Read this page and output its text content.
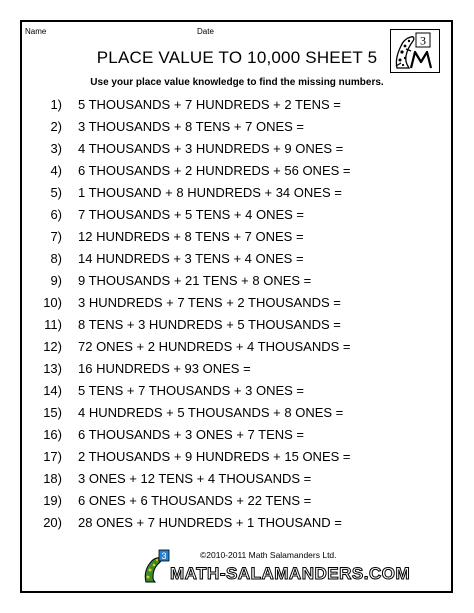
Name	Date
3
PLACE VALUE TO 10,000 SHEET 5
Use your place value knowledge to find the missing numbers.
1) 5 THOUSANDS + 7 HUNDREDS + 2 TENS =
2) 3 THOUSANDS + 8 TENS + 7 ONES =
3) 4 THOUSANDS + 3 HUNDREDS + 9 ONES =
4) 6 THOUSANDS + 2 HUNDREDS + 56 ONES =
5) 1 THOUSAND + 8 HUNDREDS + 34 ONES =
6) 7 THOUSANDS + 5 TENS + 4 ONES =
7) 12 HUNDREDS + 8 TENS + 7 ONES =
8) 14 HUNDREDS + 3 TENS + 4 ONES =
9) 9 THOUSANDS + 21 TENS + 8 ONES =
10) 3 HUNDREDS + 7 TENS + 2 THOUSANDS =
11) 8 TENS + 3 HUNDREDS + 5 THOUSANDS =
12) 72 ONES + 2 HUNDREDS + 4 THOUSANDS =
13) 16 HUNDREDS + 93 ONES =
14) 5 TENS + 7 THOUSANDS + 3 ONES =
15) 4 HUNDREDS + 5 THOUSANDS + 8 ONES =
16) 6 THOUSANDS + 3 ONES + 7 TENS =
17) 2 THOUSANDS + 9 HUNDREDS + 15 ONES =
18) 3 ONES + 12 TENS + 4 THOUSANDS =
19) 6 ONES + 6 THOUSANDS + 22 TENS =
20) 28 ONES + 7 HUNDREDS + 1 THOUSAND =
3
MATH-SALAMANDERS.COM
©2010-2011 Math Salamanders Ltd.
